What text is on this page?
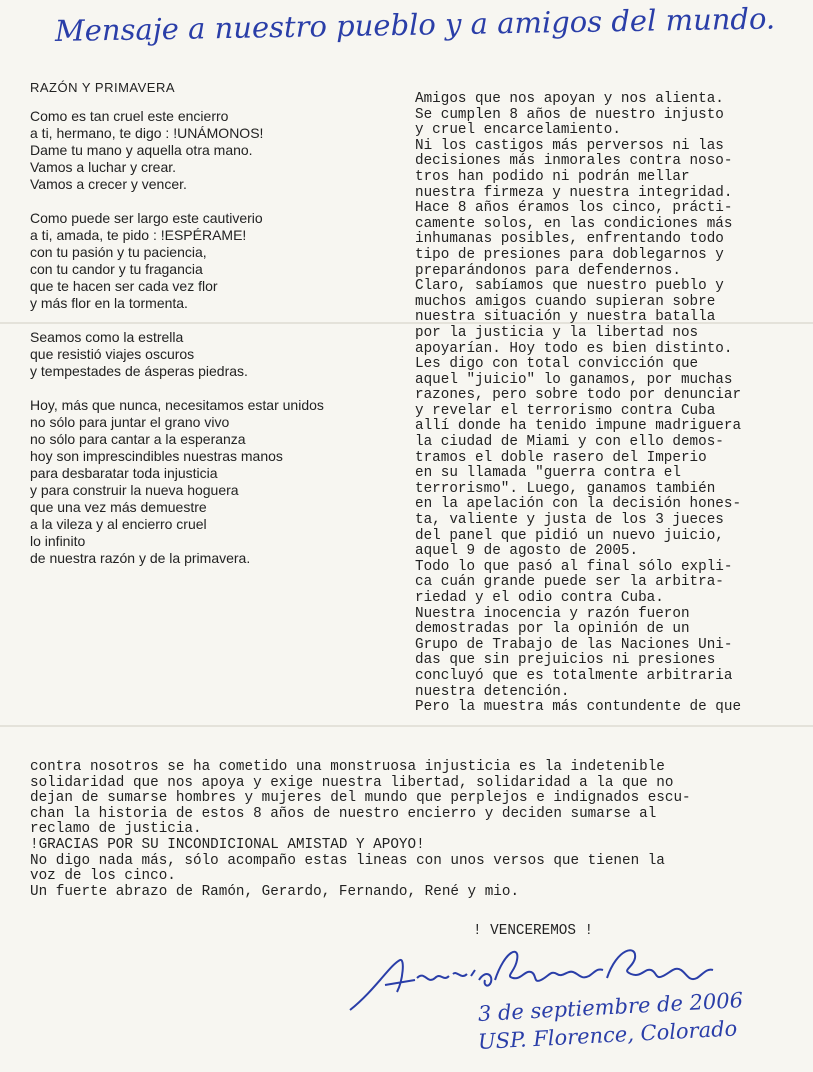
Mensaje a nuestro pueblo y a amigos del mundo.
RAZÓN Y PRIMAVERA
Como es tan cruel este encierro
a ti, hermano, te digo : !UNÁMONOS!
Dame tu mano y aquella otra mano.
Vamos a luchar y crear.
Vamos a crecer y vencer.
Como puede ser largo este cautiverio
a ti, amada, te pido : !ESPÉRAME!
con tu pasión y tu paciencia,
con tu candor y tu fragancia
que te hacen ser cada vez flor
y más flor en la tormenta.
Seamos como la estrella
que resistió viajes oscuros
y tempestades de ásperas piedras.
Hoy, más que nunca, necesitamos estar unidos
no sólo para juntar el grano vivo
no sólo para cantar a la esperanza
hoy son imprescindibles nuestras manos
para desbaratar toda injusticia
y para construir la nueva hoguera
que una vez más demuestre
a la vileza y al encierro cruel
lo infinito
de nuestra razón y de la primavera.
Amigos que nos apoyan y nos alienta.
Se cumplen 8 años de nuestro injusto
y cruel encarcelamiento.
Ni los castigos más perversos ni las
decisiones más inmorales contra noso-
tros han podido ni podrán mellar
nuestra firmeza y nuestra integridad.
Hace 8 años éramos los cinco, prácti-
camente solos, en las condiciones más
inhumanas posibles, enfrentando todo
tipo de presiones para doblegarnos y
preparándonos para defendernos.
Claro, sabíamos que nuestro pueblo y
muchos amigos cuando supieran sobre
nuestra situación y nuestra batalla
por la justicia y la libertad nos
apoyarían. Hoy todo es bien distinto.
Les digo con total convicción que
aquel "juicio" lo ganamos, por muchas
razones, pero sobre todo por denunciar
y revelar el terrorismo contra Cuba
allí donde ha tenido impune madriguera
la ciudad de Miami y con ello demos-
tramos el doble rasero del Imperio
en su llamada "guerra contra el
terrorismo". Luego, ganamos también
en la apelación con la decisión hones-
ta, valiente y justa de los 3 jueces
del panel que pidió un nuevo juicio,
aquel 9 de agosto de 2005.
Todo lo que pasó al final sólo expli-
ca cuán grande puede ser la arbitra-
riedad y el odio contra Cuba.
Nuestra inocencia y razón fueron
demostradas por la opinión de un
Grupo de Trabajo de las Naciones Uni-
das que sin prejuicios ni presiones
concluyó que es totalmente arbitraria
nuestra detención.
Pero la muestra más contundente de que
contra nosotros se ha cometido una monstruosa injusticia es la indetenible
solidaridad que nos apoya y exige nuestra libertad, solidaridad a la que no
dejan de sumarse hombres y mujeres del mundo que perplejos e indignados escu-
chan la historia de estos 8 años de nuestro encierro y deciden sumarse al
reclamo de justicia.
!GRACIAS POR SU INCONDICIONAL AMISTAD Y APOYO!
No digo nada más, sólo acompaño estas lineas con unos versos que tienen la
voz de los cinco.
Un fuerte abrazo de Ramón, Gerardo, Fernando, René y mio.
! VENCEREMOS !
Antonio Guerrero Rodríguez	3 de septiembre de 2006
USP. Florence, Colorado
